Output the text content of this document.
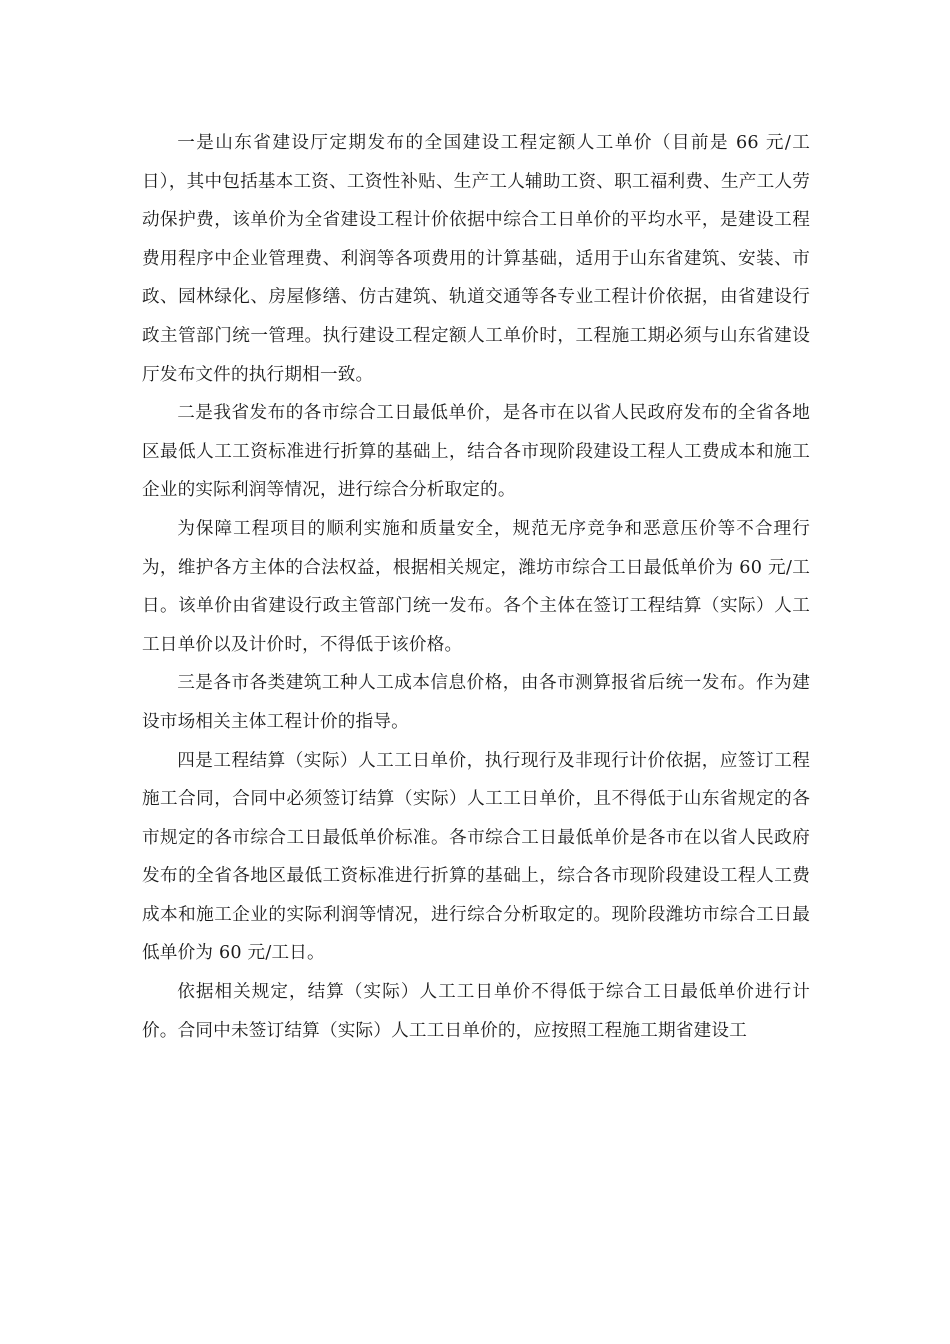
一是山东省建设厅定期发布的全国建设工程定额人工单价（目前是 66 元/工日），其中包括基本工资、工资性补贴、生产工人辅助工资、职工福利费、生产工人劳动保护费，该单价为全省建设工程计价依据中综合工日单价的平均水平，是建设工程费用程序中企业管理费、利润等各项费用的计算基础，适用于山东省建筑、安装、市政、园林绿化、房屋修缮、仿古建筑、轨道交通等各专业工程计价依据，由省建设行政主管部门统一管理。执行建设工程定额人工单价时，工程施工期必须与山东省建设厅发布文件的执行期相一致。

二是我省发布的各市综合工日最低单价，是各市在以省人民政府发布的全省各地区最低人工工资标准进行折算的基础上，结合各市现阶段建设工程人工费成本和施工企业的实际利润等情况，进行综合分析取定的。

为保障工程项目的顺利实施和质量安全，规范无序竞争和恶意压价等不合理行为，维护各方主体的合法权益，根据相关规定，潍坊市综合工日最低单价为 60 元/工日。该单价由省建设行政主管部门统一发布。各个主体在签订工程结算（实际）人工工日单价以及计价时，不得低于该价格。

三是各市各类建筑工种人工成本信息价格，由各市测算报省后统一发布。作为建设市场相关主体工程计价的指导。

四是工程结算（实际）人工工日单价，执行现行及非现行计价依据，应签订工程施工合同，合同中必须签订结算（实际）人工工日单价，且不得低于山东省规定的各市规定的各市综合工日最低单价标准。各市综合工日最低单价是各市在以省人民政府发布的全省各地区最低工资标准进行折算的基础上，综合各市现阶段建设工程人工费成本和施工企业的实际利润等情况，进行综合分析取定的。现阶段潍坊市综合工日最低单价为 60 元/工日。

依据相关规定，结算（实际）人工工日单价不得低于综合工日最低单价进行计价。合同中未签订结算（实际）人工工日单价的，应按照工程施工期省建设工
